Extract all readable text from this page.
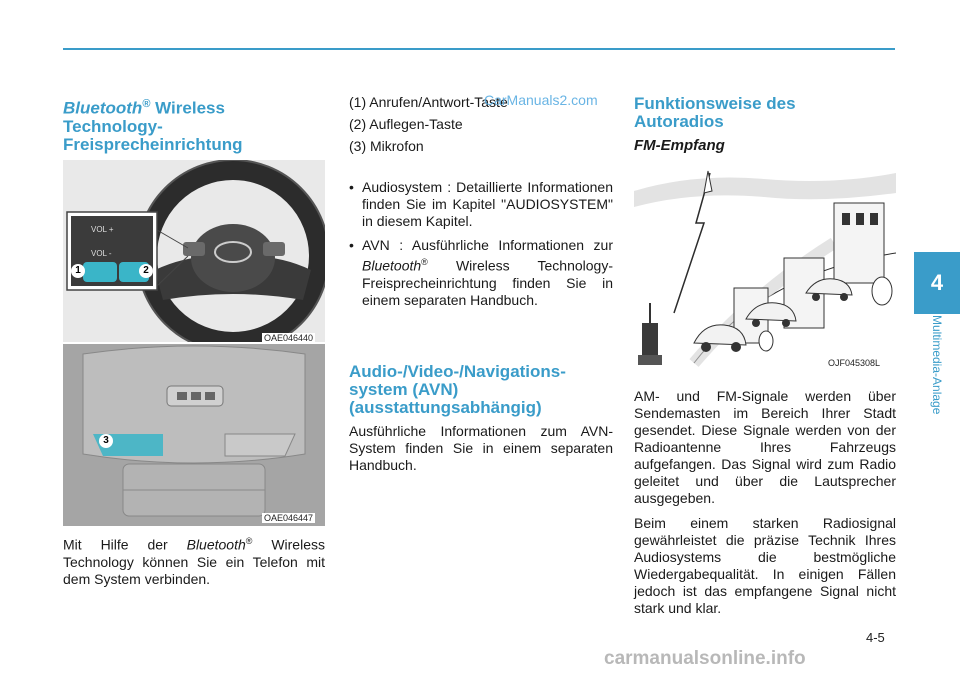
Bluetooth® Wireless
Technology-
Freisprecheinrichtung
VOL +
VOL -
1	2
OAE046440
3
OAE046447
Mit Hilfe der Bluetooth® Wireless Technology können Sie ein Telefon mit dem System verbinden.
(1) Anrufen/Antwort-Taste
(2) Auflegen-Taste
(3) Mikrofon
• Audiosystem : Detaillierte Informationen finden Sie im Kapitel "AUDIOSYSTEM" in diesem Kapitel.
• AVN : Ausführliche Informationen zur Bluetooth® Wireless Technology-Freisprecheinrichtung finden Sie in einem separaten Handbuch.
Audio-/Video-/Navigations-
system (AVN)
(ausstattungsabhängig)
Ausführliche Informationen zum AVN-System finden Sie in einem separaten Handbuch.
Funktionsweise des
Autoradios
FM-Empfang
OJF045308L

AM- und FM-Signale werden über Sendemasten im Bereich Ihrer Stadt gesendet. Diese Signale werden von der Radioantenne Ihres Fahrzeugs aufgefangen. Das Signal wird zum Radio geleitet und über die Lautsprecher ausgegeben.

Beim einem starken Radiosignal gewährleistet die präzise Technik Ihres Audiosystems die bestmögliche Wiedergabequalität. In einigen Fällen jedoch ist das empfangene Signal nicht stark und klar.

4
Multimedia-Anlage
4-5
CarManuals2.com
carmanualsonline.info
